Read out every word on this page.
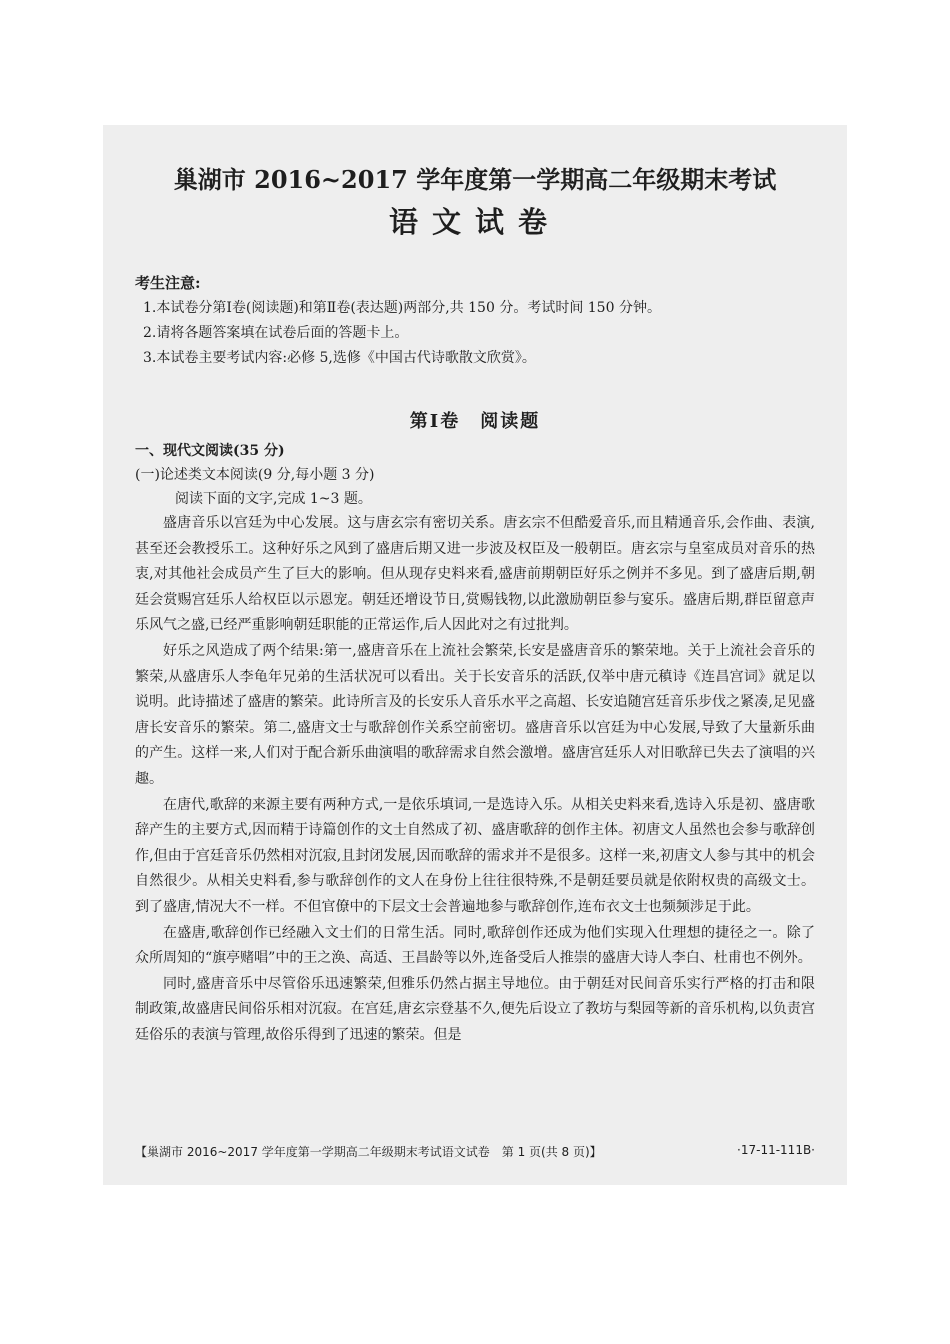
巢湖市 2016~2017 学年度第一学期高二年级期末考试
语文试卷
考生注意:
1.本试卷分第Ⅰ卷(阅读题)和第Ⅱ卷(表达题)两部分,共 150 分。考试时间 150 分钟。
2.请将各题答案填在试卷后面的答题卡上。
3.本试卷主要考试内容:必修 5,选修《中国古代诗歌散文欣赏》。
第Ⅰ卷　阅读题
一、现代文阅读(35 分)
(一)论述类文本阅读(9 分,每小题 3 分)

阅读下面的文字,完成 1~3 题。

盛唐音乐以宫廷为中心发展。这与唐玄宗有密切关系。唐玄宗不但酷爱音乐,而且精通音乐,会作曲、表演,甚至还会教授乐工。这种好乐之风到了盛唐后期又进一步波及权臣及一般朝臣。唐玄宗与皇室成员对音乐的热衷,对其他社会成员产生了巨大的影响。但从现存史料来看,盛唐前期朝臣好乐之例并不多见。到了盛唐后期,朝廷会赏赐宫廷乐人给权臣以示恩宠。朝廷还增设节日,赏赐钱物,以此激励朝臣参与宴乐。盛唐后期,群臣留意声乐风气之盛,已经严重影响朝廷职能的正常运作,后人因此对之有过批判。

好乐之风造成了两个结果:第一,盛唐音乐在上流社会繁荣,长安是盛唐音乐的繁荣地。关于上流社会音乐的繁荣,从盛唐乐人李龟年兄弟的生活状况可以看出。关于长安音乐的活跃,仅举中唐元稹诗《连昌宫词》就足以说明。此诗描述了盛唐的繁荣。此诗所言及的长安乐人音乐水平之高超、长安追随宫廷音乐步伐之紧凑,足见盛唐长安音乐的繁荣。第二,盛唐文士与歌辞创作关系空前密切。盛唐音乐以宫廷为中心发展,导致了大量新乐曲的产生。这样一来,人们对于配合新乐曲演唱的歌辞需求自然会激增。盛唐宫廷乐人对旧歌辞已失去了演唱的兴趣。

在唐代,歌辞的来源主要有两种方式,一是依乐填词,一是选诗入乐。从相关史料来看,选诗入乐是初、盛唐歌辞产生的主要方式,因而精于诗篇创作的文士自然成了初、盛唐歌辞的创作主体。初唐文人虽然也会参与歌辞创作,但由于宫廷音乐仍然相对沉寂,且封闭发展,因而歌辞的需求并不是很多。这样一来,初唐文人参与其中的机会自然很少。从相关史料看,参与歌辞创作的文人在身份上往往很特殊,不是朝廷要员就是依附权贵的高级文士。到了盛唐,情况大不一样。不但官僚中的下层文士会普遍地参与歌辞创作,连布衣文士也频频涉足于此。

在盛唐,歌辞创作已经融入文士们的日常生活。同时,歌辞创作还成为他们实现入仕理想的捷径之一。除了众所周知的“旗亭赌唱”中的王之涣、高适、王昌龄等以外,连备受后人推崇的盛唐大诗人李白、杜甫也不例外。

同时,盛唐音乐中尽管俗乐迅速繁荣,但雅乐仍然占据主导地位。由于朝廷对民间音乐实行严格的打击和限制政策,故盛唐民间俗乐相对沉寂。在宫廷,唐玄宗登基不久,便先后设立了教坊与梨园等新的音乐机构,以负责宫廷俗乐的表演与管理,故俗乐得到了迅速的繁荣。但是

【巢湖市 2016~2017 学年度第一学期高二年级期末考试语文试卷　第 1 页(共 8 页)】	·17-11-111B·
